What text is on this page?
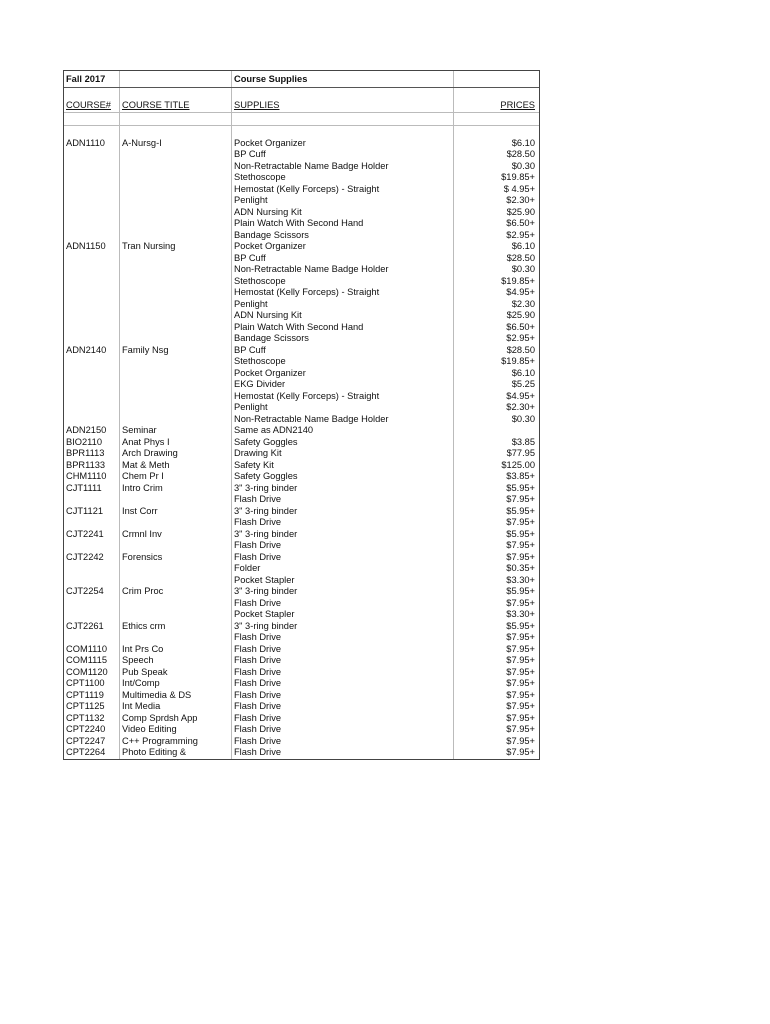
Fall 2017	Course Supplies
COURSE#	COURSE TITLE	SUPPLIES	PRICES
ADN1110	A-Nursg-I	Pocket Organizer	$6.10
BP Cuff	$28.50
Non-Retractable Name Badge Holder	$0.30
Stethoscope	$19.85+
Hemostat (Kelly Forceps) - Straight	$ 4.95+
Penlight	$2.30+
ADN Nursing Kit	$25.90
Plain Watch With Second Hand	$6.50+
Bandage Scissors	$2.95+
ADN1150	Tran Nursing	Pocket Organizer	$6.10
BP Cuff	$28.50
Non-Retractable Name Badge Holder	$0.30
Stethoscope	$19.85+
Hemostat (Kelly Forceps) - Straight	$4.95+
Penlight	$2.30
ADN Nursing Kit	$25.90
Plain Watch With Second Hand	$6.50+
Bandage Scissors	$2.95+
ADN2140	Family Nsg	BP Cuff	$28.50
Stethoscope	$19.85+
Pocket Organizer	$6.10
EKG Divider	$5.25
Hemostat (Kelly Forceps) - Straight	$4.95+
Penlight	$2.30+
Non-Retractable Name Badge Holder	$0.30
ADN2150	Seminar	Same as ADN2140
BIO2110	Anat Phys I	Safety Goggles	$3.85
BPR1113	Arch Drawing	Drawing Kit	$77.95
BPR1133	Mat & Meth	Safety Kit	$125.00
CHM1110	Chem Pr I	Safety Goggles	$3.85+
CJT1111	Intro Crim	3" 3-ring binder	$5.95+
Flash Drive	$7.95+
CJT1121	Inst Corr	3" 3-ring binder	$5.95+
Flash Drive	$7.95+
CJT2241	Crmnl Inv	3" 3-ring binder	$5.95+
Flash Drive	$7.95+
CJT2242	Forensics	Flash Drive	$7.95+
Folder	$0.35+
Pocket Stapler	$3.30+
CJT2254	Crim Proc	3" 3-ring binder	$5.95+
Flash Drive	$7.95+
Pocket Stapler	$3.30+
CJT2261	Ethics crm	3" 3-ring binder	$5.95+
Flash Drive	$7.95+
COM1110	Int Prs Co	Flash Drive	$7.95+
COM1115	Speech	Flash Drive	$7.95+
COM1120	Pub Speak	Flash Drive	$7.95+
CPT1100	Int/Comp	Flash Drive	$7.95+
CPT1119	Multimedia & DS	Flash Drive	$7.95+
CPT1125	Int Media	Flash Drive	$7.95+
CPT1132	Comp Sprdsh App	Flash Drive	$7.95+
CPT2240	Video Editing	Flash Drive	$7.95+
CPT2247	C++ Programming	Flash Drive	$7.95+
CPT2264	Photo Editing &	Flash Drive	$7.95+
